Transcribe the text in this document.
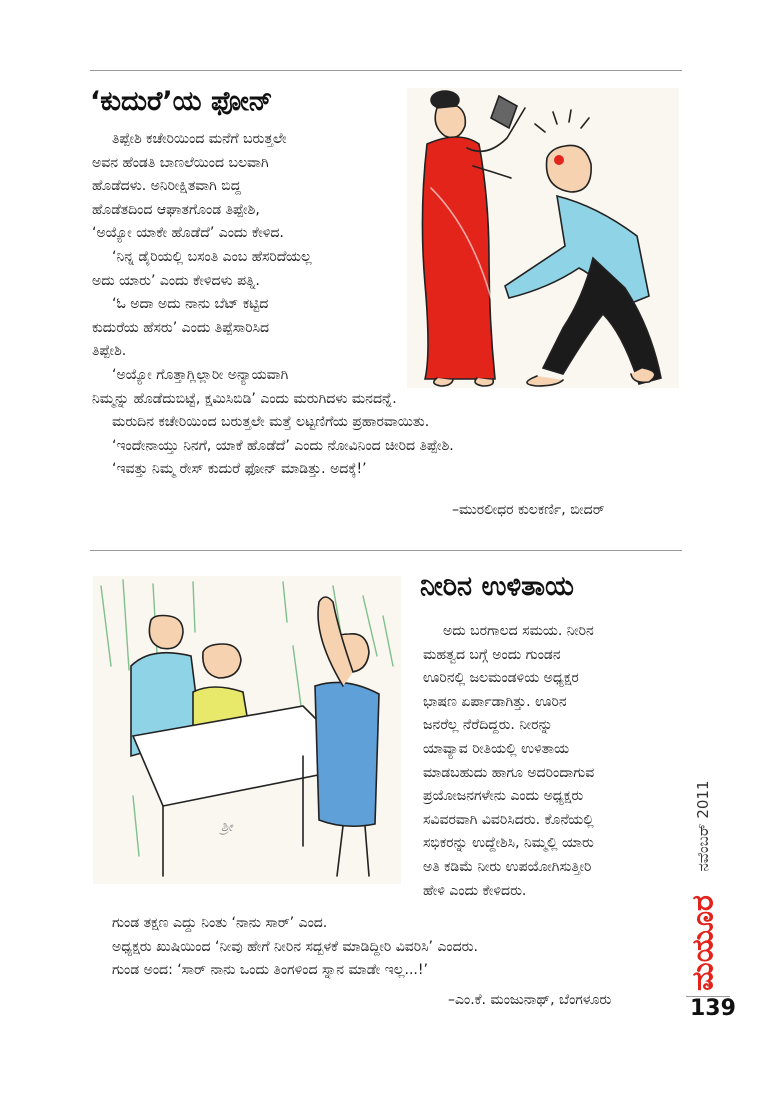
‘ಕುದುರೆ’ಯ ಫೋನ್
ತಿಪ್ಪೇಶಿ ಕಚೇರಿಯಿಂದ ಮನೆಗೆ ಬರುತ್ತಲೇ
ಅವನ ಹೆಂಡತಿ ಬಾಣಲೆಯಿಂದ ಬಲವಾಗಿ
ಹೊಡೆದಳು. ಅನಿರೀಕ್ಷಿತವಾಗಿ ಬಿದ್ದ
ಹೊಡೆತದಿಂದ ಆಘಾತಗೊಂಡ ತಿಪ್ಪೇಶಿ,
‘ಅಯ್ಯೋ ಯಾಕೇ ಹೊಡೆದೆ’ ಎಂದು ಕೇಳಿದ.
‘ನಿನ್ನ ಡೈರಿಯಲ್ಲಿ ಬಸಂತಿ ಎಂಬ ಹೆಸರಿದೆಯಲ್ಲ
ಅದು ಯಾರು’ ಎಂದು ಕೇಳಿದಳು ಪತ್ನಿ.
‘ಓ ಅದಾ ಅದು ನಾನು ಬೆಟ್ ಕಟ್ಟಿದ
ಕುದುರೆಯ ಹೆಸರು’ ಎಂದು ತಿಪ್ಪೆಸಾರಿಸಿದ
ತಿಪ್ಪೇಶಿ.
‘ಅಯ್ಯೋ ಗೊತ್ತಾಗ್ಲಿಲ್ಲಾರೀ ಅನ್ಯಾಯವಾಗಿ
ನಿಮ್ಮನ್ನು ಹೊಡೆದುಬಿಟ್ಟೆ, ಕ್ಷಮಿಸಿಬಿಡಿ’ ಎಂದು ಮರುಗಿದಳು ಮನದನ್ನೆ.
ಮರುದಿನ ಕಚೇರಿಯಿಂದ ಬರುತ್ತಲೇ ಮತ್ತೆ ಲಟ್ಟಣಿಗೆಯ ಪ್ರಹಾರವಾಯಿತು.
‘ಇಂದೇನಾಯ್ತು ನಿನಗೆ, ಯಾಕೆ ಹೊಡೆದೆ’ ಎಂದು ನೋವಿನಿಂದ ಚೀರಿದ ತಿಪ್ಪೇಶಿ.
‘ಇವತ್ತು ನಿಮ್ಮ ರೇಸ್ ಕುದುರೆ ಫೋನ್ ಮಾಡಿತ್ತು. ಅದಕ್ಕೆ!’
–ಮುರಲೀಧರ ಕುಲಕರ್ಣಿ, ಬೀದರ್
ಶ್ರೀ
ನೀರಿನ ಉಳಿತಾಯ
ಅದು ಬರಗಾಲದ ಸಮಯ. ನೀರಿನ
ಮಹತ್ವದ ಬಗ್ಗೆ ಅಂದು ಗುಂಡನ
ಊರಿನಲ್ಲಿ ಜಲಮಂಡಳಿಯ ಅಧ್ಯಕ್ಷರ
ಭಾಷಣ ಏರ್ಪಾಡಾಗಿತ್ತು. ಊರಿನ
ಜನರೆಲ್ಲ ನೆರೆದಿದ್ದರು. ನೀರನ್ನು
ಯಾವ್ಯಾವ ರೀತಿಯಲ್ಲಿ ಉಳಿತಾಯ
ಮಾಡಬಹುದು ಹಾಗೂ ಅದರಿಂದಾಗುವ
ಪ್ರಯೋಜನಗಳೇನು ಎಂದು ಅಧ್ಯಕ್ಷರು
ಸವಿವರವಾಗಿ ವಿವರಿಸಿದರು. ಕೊನೆಯಲ್ಲಿ
ಸಭಿಕರನ್ನು ಉದ್ದೇಶಿಸಿ, ನಿಮ್ಮಲ್ಲಿ ಯಾರು
ಅತಿ ಕಡಿಮೆ ನೀರು ಉಪಯೋಗಿಸುತ್ತೀರಿ
ಹೇಳಿ ಎಂದು ಕೇಳಿದರು.
ಗುಂಡ ತಕ್ಷಣ ಎದ್ದು ನಿಂತು ‘ನಾನು ಸಾರ್’ ಎಂದ.
ಅಧ್ಯಕ್ಷರು ಖುಷಿಯಿಂದ ‘ನೀವು ಹೇಗೆ ನೀರಿನ ಸದ್ಬಳಕೆ ಮಾಡಿದ್ದೀರಿ ವಿವರಿಸಿ’ ಎಂದರು.
ಗುಂಡ ಅಂದ: ‘ಸಾರ್ ನಾನು ಒಂದು ತಿಂಗಳಿಂದ ಸ್ನಾನ ಮಾಡೇ ಇಲ್ಲ...!’
–ಎಂ.ಕೆ. ಮಂಜುನಾಥ್, ಬೆಂಗಳೂರು
ನವೆಂಬರ್ 2011
ಮಯೂರ
139
